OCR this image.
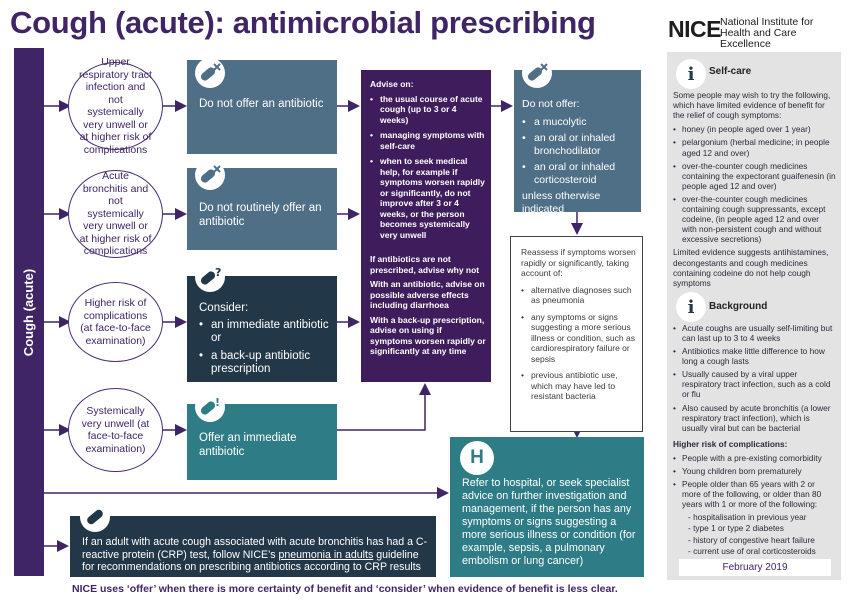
Cough (acute): antimicrobial prescribing	NICE National Institute for
Health and Care Excellence
Cough (acute)
Upper respiratory tract infection and not systemically very unwell or at higher risk of complications
Acute bronchitis and not systemically very unwell or at higher risk of complications
Higher risk of complications (at face-to-face examination)
Systemically very unwell (at face-to-face examination)
Do not offer an antibiotic
Do not routinely offer an antibiotic
?
Consider:
• an immediate antibiotic or
• a back-up antibiotic prescription
!
Offer an immediate antibiotic

Advise on:

• the usual course of acute cough (up to 3 or 4 weeks)
• managing symptoms with self-care
• when to seek medical help, for example if symptoms worsen rapidly or significantly, do not improve after 3 or 4 weeks, or the person becomes systemically very unwell

If antibiotics are not prescribed, advise why not

With an antibiotic, advise on possible adverse effects including diarrhoea

With a back-up prescription, advise on using if symptoms worsen rapidly or significantly at any time

Do not offer:
• a mucolytic
• an oral or inhaled bronchodilator
• an oral or inhaled corticosteroid
unless otherwise indicated
Reassess if symptoms worsen rapidly or significantly, taking account of:
• alternative diagnoses such as pneumonia
• any symptoms or signs suggesting a more serious illness or condition, such as cardiorespiratory failure or sepsis
• previous antibiotic use, which may have led to resistant bacteria
H
Refer to hospital, or seek specialist advice on further investigation and management, if the person has any symptoms or signs suggesting a more serious illness or condition (for example, sepsis, a pulmonary embolism or lung cancer)
If an adult with acute cough associated with acute bronchitis has had a C-reactive protein (CRP) test, follow NICE’s pneumonia in adults guideline for recommendations on prescribing antibiotics according to CRP results
i
i
Self-care
Some people may wish to try the following, which have limited evidence of benefit for the relief of cough symptoms:
• honey (in people aged over 1 year)
• pelargonium (herbal medicine; in people aged 12 and over)
• over-the-counter cough medicines containing the expectorant guaifenesin (in people aged 12 and over)
• over-the-counter cough medicines containing cough suppressants, except codeine, (in people aged 12 and over with non-persistent cough and without excessive secretions)
Limited evidence suggests antihistamines, decongestants and cough medicines containing codeine do not help cough symptoms
Background
• Acute coughs are usually self-limiting but can last up to 3 to 4 weeks
• Antibiotics make little difference to how long a cough lasts
• Usually caused by a viral upper respiratory tract infection, such as a cold or flu
• Also caused by acute bronchitis (a lower respiratory tract infection), which is usually viral but can be bacterial
Higher risk of complications:
• People with a pre-existing comorbidity
• Young children born prematurely
• People older than 65 years with 2 or more of the following, or older than 80 years with 1 or more of the following:
- hospitalisation in previous year
- type 1 or type 2 diabetes
- history of congestive heart failure
- current use of oral corticosteroids
February 2019
NICE uses ‘offer’ when there is more certainty of benefit and ‘consider’ when evidence of benefit is less clear.
